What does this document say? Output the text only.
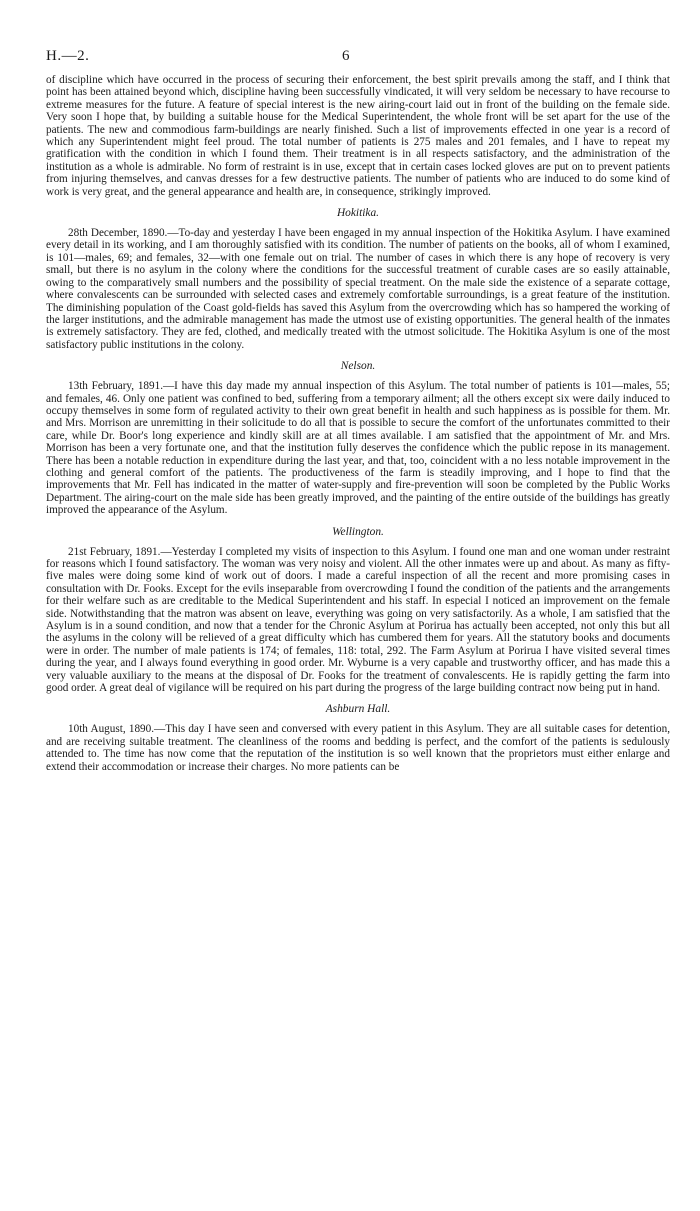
H.—2.	6

of discipline which have occurred in the process of securing their enforcement, the best spirit prevails among the staff, and I think that point has been attained beyond which, discipline having been successfully vindicated, it will very seldom be necessary to have recourse to extreme measures for the future. A feature of special interest is the new airing-court laid out in front of the building on the female side. Very soon I hope that, by building a suitable house for the Medical Superintendent, the whole front will be set apart for the use of the patients. The new and commodious farm-buildings are nearly finished. Such a list of improvements effected in one year is a record of which any Superintendent might feel proud. The total number of patients is 275 males and 201 females, and I have to repeat my gratification with the condition in which I found them. Their treatment is in all respects satisfactory, and the administration of the institution as a whole is admirable. No form of restraint is in use, except that in certain cases locked gloves are put on to prevent patients from injuring themselves, and canvas dresses for a few destructive patients. The number of patients who are induced to do some kind of work is very great, and the general appearance and health are, in consequence, strikingly improved.

Hokitika.

28th December, 1890.—To-day and yesterday I have been engaged in my annual inspection of the Hokitika Asylum. I have examined every detail in its working, and I am thoroughly satisfied with its condition. The number of patients on the books, all of whom I examined, is 101—males, 69; and females, 32—with one female out on trial. The number of cases in which there is any hope of recovery is very small, but there is no asylum in the colony where the conditions for the successful treatment of curable cases are so easily attainable, owing to the comparatively small numbers and the possibility of special treatment. On the male side the existence of a separate cottage, where convalescents can be surrounded with selected cases and extremely comfortable surroundings, is a great feature of the institution. The diminishing population of the Coast gold-fields has saved this Asylum from the overcrowding which has so hampered the working of the larger institutions, and the admirable management has made the utmost use of existing opportunities. The general health of the inmates is extremely satisfactory. They are fed, clothed, and medically treated with the utmost solicitude. The Hokitika Asylum is one of the most satisfactory public institutions in the colony.

Nelson.

13th February, 1891.—I have this day made my annual inspection of this Asylum. The total number of patients is 101—males, 55; and females, 46. Only one patient was confined to bed, suffering from a temporary ailment; all the others except six were daily induced to occupy themselves in some form of regulated activity to their own great benefit in health and such happiness as is possible for them. Mr. and Mrs. Morrison are unremitting in their solicitude to do all that is possible to secure the comfort of the unfortunates committed to their care, while Dr. Boor's long experience and kindly skill are at all times available. I am satisfied that the appointment of Mr. and Mrs. Morrison has been a very fortunate one, and that the institution fully deserves the confidence which the public repose in its management. There has been a notable reduction in expenditure during the last year, and that, too, coincident with a no less notable improvement in the clothing and general comfort of the patients. The productiveness of the farm is steadily improving, and I hope to find that the improvements that Mr. Fell has indicated in the matter of water-supply and fire-prevention will soon be completed by the Public Works Department. The airing-court on the male side has been greatly improved, and the painting of the entire outside of the buildings has greatly improved the appearance of the Asylum.

Wellington.

21st February, 1891.—Yesterday I completed my visits of inspection to this Asylum. I found one man and one woman under restraint for reasons which I found satisfactory. The woman was very noisy and violent. All the other inmates were up and about. As many as fifty-five males were doing some kind of work out of doors. I made a careful inspection of all the recent and more promising cases in consultation with Dr. Fooks. Except for the evils inseparable from overcrowding I found the condition of the patients and the arrangements for their welfare such as are creditable to the Medical Superintendent and his staff. In especial I noticed an improvement on the female side. Notwithstanding that the matron was absent on leave, everything was going on very satisfactorily. As a whole, I am satisfied that the Asylum is in a sound condition, and now that a tender for the Chronic Asylum at Porirua has actually been accepted, not only this but all the asylums in the colony will be relieved of a great difficulty which has cumbered them for years. All the statutory books and documents were in order. The number of male patients is 174; of females, 118: total, 292. The Farm Asylum at Porirua I have visited several times during the year, and I always found everything in good order. Mr. Wyburne is a very capable and trustworthy officer, and has made this a very valuable auxiliary to the means at the disposal of Dr. Fooks for the treatment of convalescents. He is rapidly getting the farm into good order. A great deal of vigilance will be required on his part during the progress of the large building contract now being put in hand.

Ashburn Hall.

10th August, 1890.—This day I have seen and conversed with every patient in this Asylum. They are all suitable cases for detention, and are receiving suitable treatment. The cleanliness of the rooms and bedding is perfect, and the comfort of the patients is sedulously attended to. The time has now come that the reputation of the institution is so well known that the proprietors must either enlarge and extend their accommodation or increase their charges. No more patients can be
